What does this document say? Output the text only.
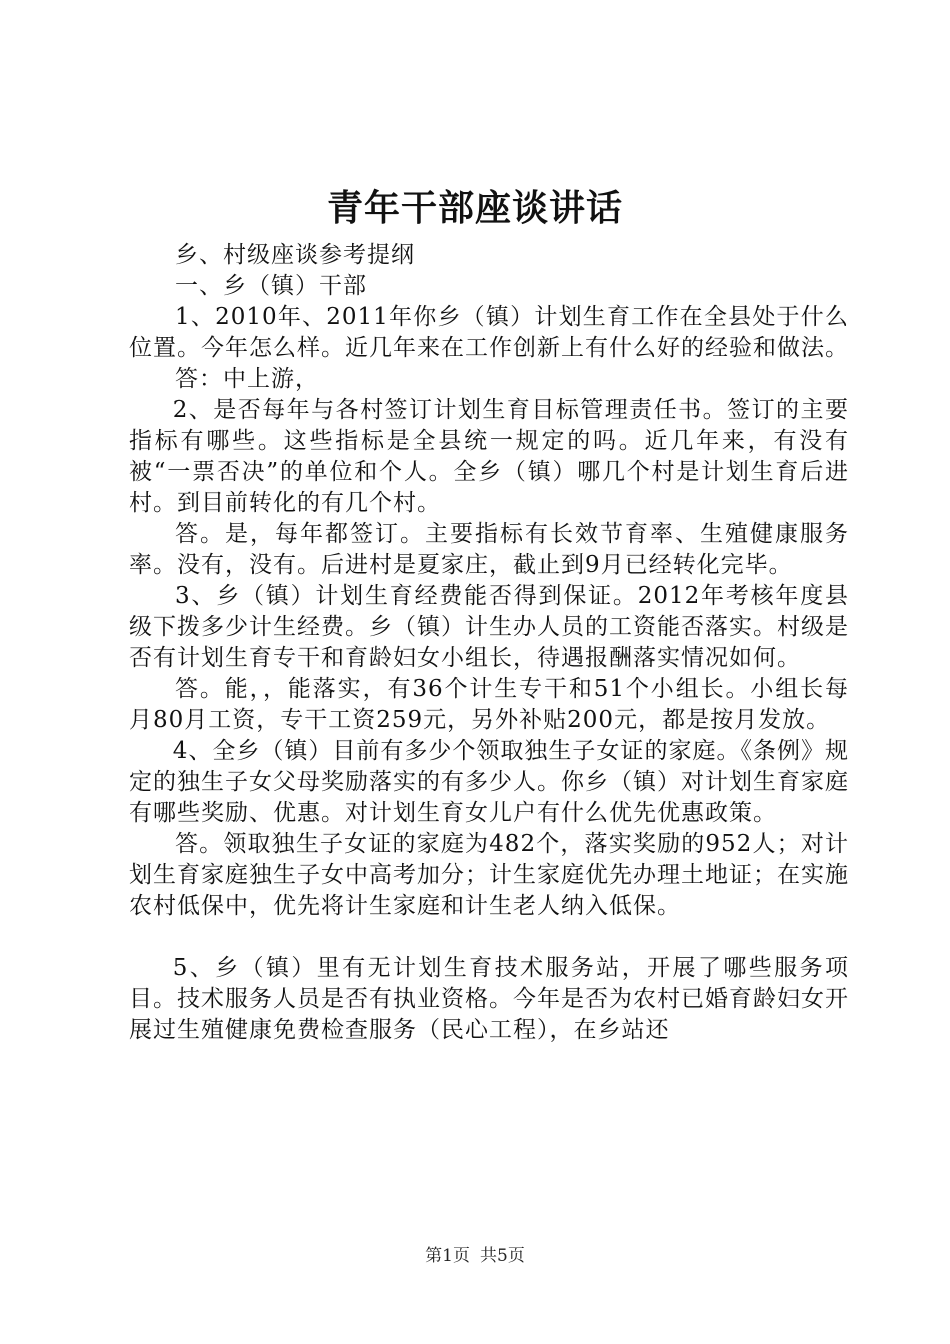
青年干部座谈讲话

乡、村级座谈参考提纲

一、乡（镇）干部

1、2010年、2011年你乡（镇）计划生育工作在全县处于什么位置。今年怎么样。近几年来在工作创新上有什么好的经验和做法。

答：中上游，

2、是否每年与各村签订计划生育目标管理责任书。签订的主要指标有哪些。这些指标是全县统一规定的吗。近几年来，有没有被“一票否决”的单位和个人。全乡（镇）哪几个村是计划生育后进村。到目前转化的有几个村。

答。是，每年都签订。主要指标有长效节育率、生殖健康服务率。没有，没有。后进村是夏家庄，截止到9月已经转化完毕。

3、乡（镇）计划生育经费能否得到保证。2012年考核年度县级下拨多少计生经费。乡（镇）计生办人员的工资能否落实。村级是否有计划生育专干和育龄妇女小组长，待遇报酬落实情况如何。

答。能，，能落实，有36个计生专干和51个小组长。小组长每月80月工资，专干工资259元，另外补贴200元，都是按月发放。

4、全乡（镇）目前有多少个领取独生子女证的家庭。《条例》规定的独生子女父母奖励落实的有多少人。你乡（镇）对计划生育家庭有哪些奖励、优惠。对计划生育女儿户有什么优先优惠政策。

答。领取独生子女证的家庭为482个，落实奖励的952人；对计划生育家庭独生子女中高考加分；计生家庭优先办理土地证；在实施农村低保中，优先将计生家庭和计生老人纳入低保。

5、乡（镇）里有无计划生育技术服务站，开展了哪些服务项目。技术服务人员是否有执业资格。今年是否为农村已婚育龄妇女开展过生殖健康免费检查服务（民心工程），在乡站还

第1页 共5页
